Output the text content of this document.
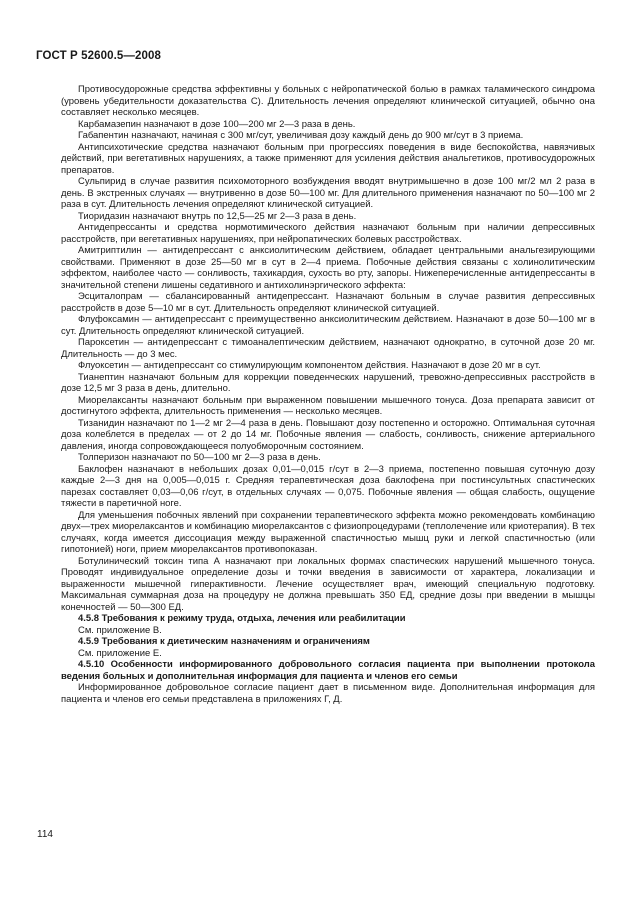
ГОСТ Р 52600.5—2008

Противосудорожные средства эффективны у больных с нейропатической болью в рамках таламического синдрома (уровень убедительности доказательства С). Длительность лечения определяют клинической ситуацией, обычно она составляет несколько месяцев.

Карбамазепин назначают в дозе 100—200 мг 2—3 раза в день.

Габапентин назначают, начиная с 300 мг/сут, увеличивая дозу каждый день до 900 мг/сут в 3 приема.

Антипсихотические средства назначают больным при прогрессиях поведения в виде беспокойства, навязчивых действий, при вегетативных нарушениях, а также применяют для усиления действия анальгетиков, противосудорожных препаратов.

Сульпирид в случае развития психомоторного возбуждения вводят внутримышечно в дозе 100 мг/2 мл 2 раза в день. В экстренных случаях — внутривенно в дозе 50—100 мг. Для длительного применения назначают по 50—100 мг 2 раза в сут. Длительность лечения определяют клинической ситуацией.

Тиоридазин назначают внутрь по 12,5—25 мг 2—3 раза в день.

Антидепрессанты и средства нормотимического действия назначают больным при наличии депрессивных расстройств, при вегетативных нарушениях, при нейропатических болевых расстройствах.

Амитриптилин — антидепрессант с анксиолитическим действием, обладает центральными анальгезирующими свойствами. Применяют в дозе 25—50 мг в сут в 2—4 приема. Побочные действия связаны с холинолитическим эффектом, наиболее часто — сонливость, тахикардия, сухость во рту, запоры. Нижеперечисленные антидепрессанты в значительной степени лишены седативного и антихолинэргического эффекта:

Эсциталопрам — сбалансированный антидепрессант. Назначают больным в случае развития депрессивных расстройств в дозе 5—10 мг в сут. Длительность определяют клинической ситуацией.

Флуфоксамин — антидепрессант с преимущественно анксиолитическим действием. Назначают в дозе 50—100 мг в сут. Длительность определяют клинической ситуацией.

Пароксетин — антидепрессант с тимоаналептическим действием, назначают однократно, в суточной дозе 20 мг. Длительность — до 3 мес.

Флуоксетин — антидепрессант со стимулирующим компонентом действия. Назначают в дозе 20 мг в сут.

Тианептин назначают больным для коррекции поведенческих нарушений, тревожно-депрессивных расстройств в дозе 12,5 мг 3 раза в день, длительно.

Миорелаксанты назначают больным при выраженном повышении мышечного тонуса. Доза препарата зависит от достигнутого эффекта, длительность применения — несколько месяцев.

Тизанидин назначают по 1—2 мг 2—4 раза в день. Повышают дозу постепенно и осторожно. Оптимальная суточная доза колеблется в пределах — от 2 до 14 мг. Побочные явления — слабость, сонливость, снижение артериального давления, иногда сопровождающееся полуобморочным состоянием.

Толперизон назначают по 50—100 мг 2—3 раза в день.

Баклофен назначают в небольших дозах 0,01—0,015 г/сут в 2—3 приема, постепенно повышая суточную дозу каждые 2—3 дня на 0,005—0,015 г. Средняя терапевтическая доза баклофена при постинсультных спастических парезах составляет 0,03—0,06 г/сут, в отдельных случаях — 0,075. Побочные явления — общая слабость, ощущение тяжести в паретичной ноге.

Для уменьшения побочных явлений при сохранении терапевтического эффекта можно рекомендовать комбинацию двух—трех миорелаксантов и комбинацию миорелаксантов с физиопроцедурами (теплолечение или криотерапия). В тех случаях, когда имеется диссоциация между выраженной спастичностью мышц руки и легкой спастичностью (или гипотонией) ноги, прием миорелаксантов противопоказан.

Ботулинический токсин типа А назначают при локальных формах спастических нарушений мышечного тонуса. Проводят индивидуальное определение дозы и точки введения в зависимости от характера, локализации и выраженности мышечной гиперактивности. Лечение осуществляет врач, имеющий специальную подготовку. Максимальная суммарная доза на процедуру не должна превышать 350 ЕД, средние дозы при введении в мышцы конечностей — 50—300 ЕД.

4.5.8 Требования к режиму труда, отдыха, лечения или реабилитации

См. приложение В.

4.5.9 Требования к диетическим назначениям и ограничениям

См. приложение Е.

4.5.10 Особенности информированного добровольного согласия пациента при выполнении протокола ведения больных и дополнительная информация для пациента и членов его семьи

Информированное добровольное согласие пациент дает в письменном виде. Дополнительная информация для пациента и членов его семьи представлена в приложениях Г, Д.

114
